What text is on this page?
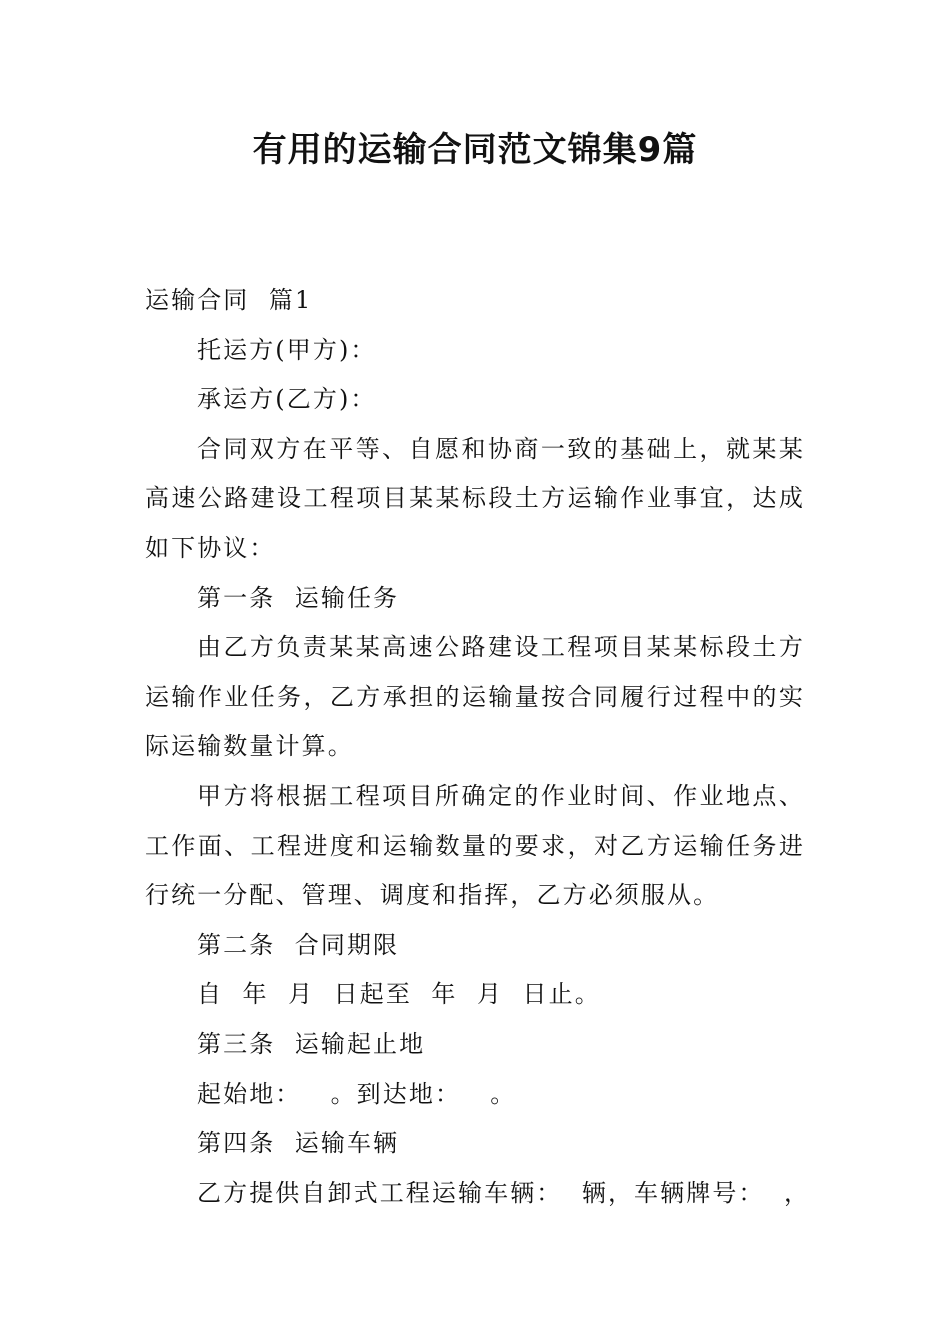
有用的运输合同范文锦集9篇

运输合同  篇1

托运方(甲方)：

承运方(乙方)：

合同双方在平等、自愿和协商一致的基础上，就某某高速公路建设工程项目某某标段土方运输作业事宜，达成如下协议：

第一条  运输任务

由乙方负责某某高速公路建设工程项目某某标段土方运输作业任务，乙方承担的运输量按合同履行过程中的实际运输数量计算。

甲方将根据工程项目所确定的作业时间、作业地点、工作面、工程进度和运输数量的要求，对乙方运输任务进行统一分配、管理、调度和指挥，乙方必须服从。

第二条  合同期限

自  年  月  日起至  年  月  日止。

第三条  运输起止地

起始地：   。到达地：   。

第四条  运输车辆

乙方提供自卸式工程运输车辆：  辆，车辆牌号：  ，
